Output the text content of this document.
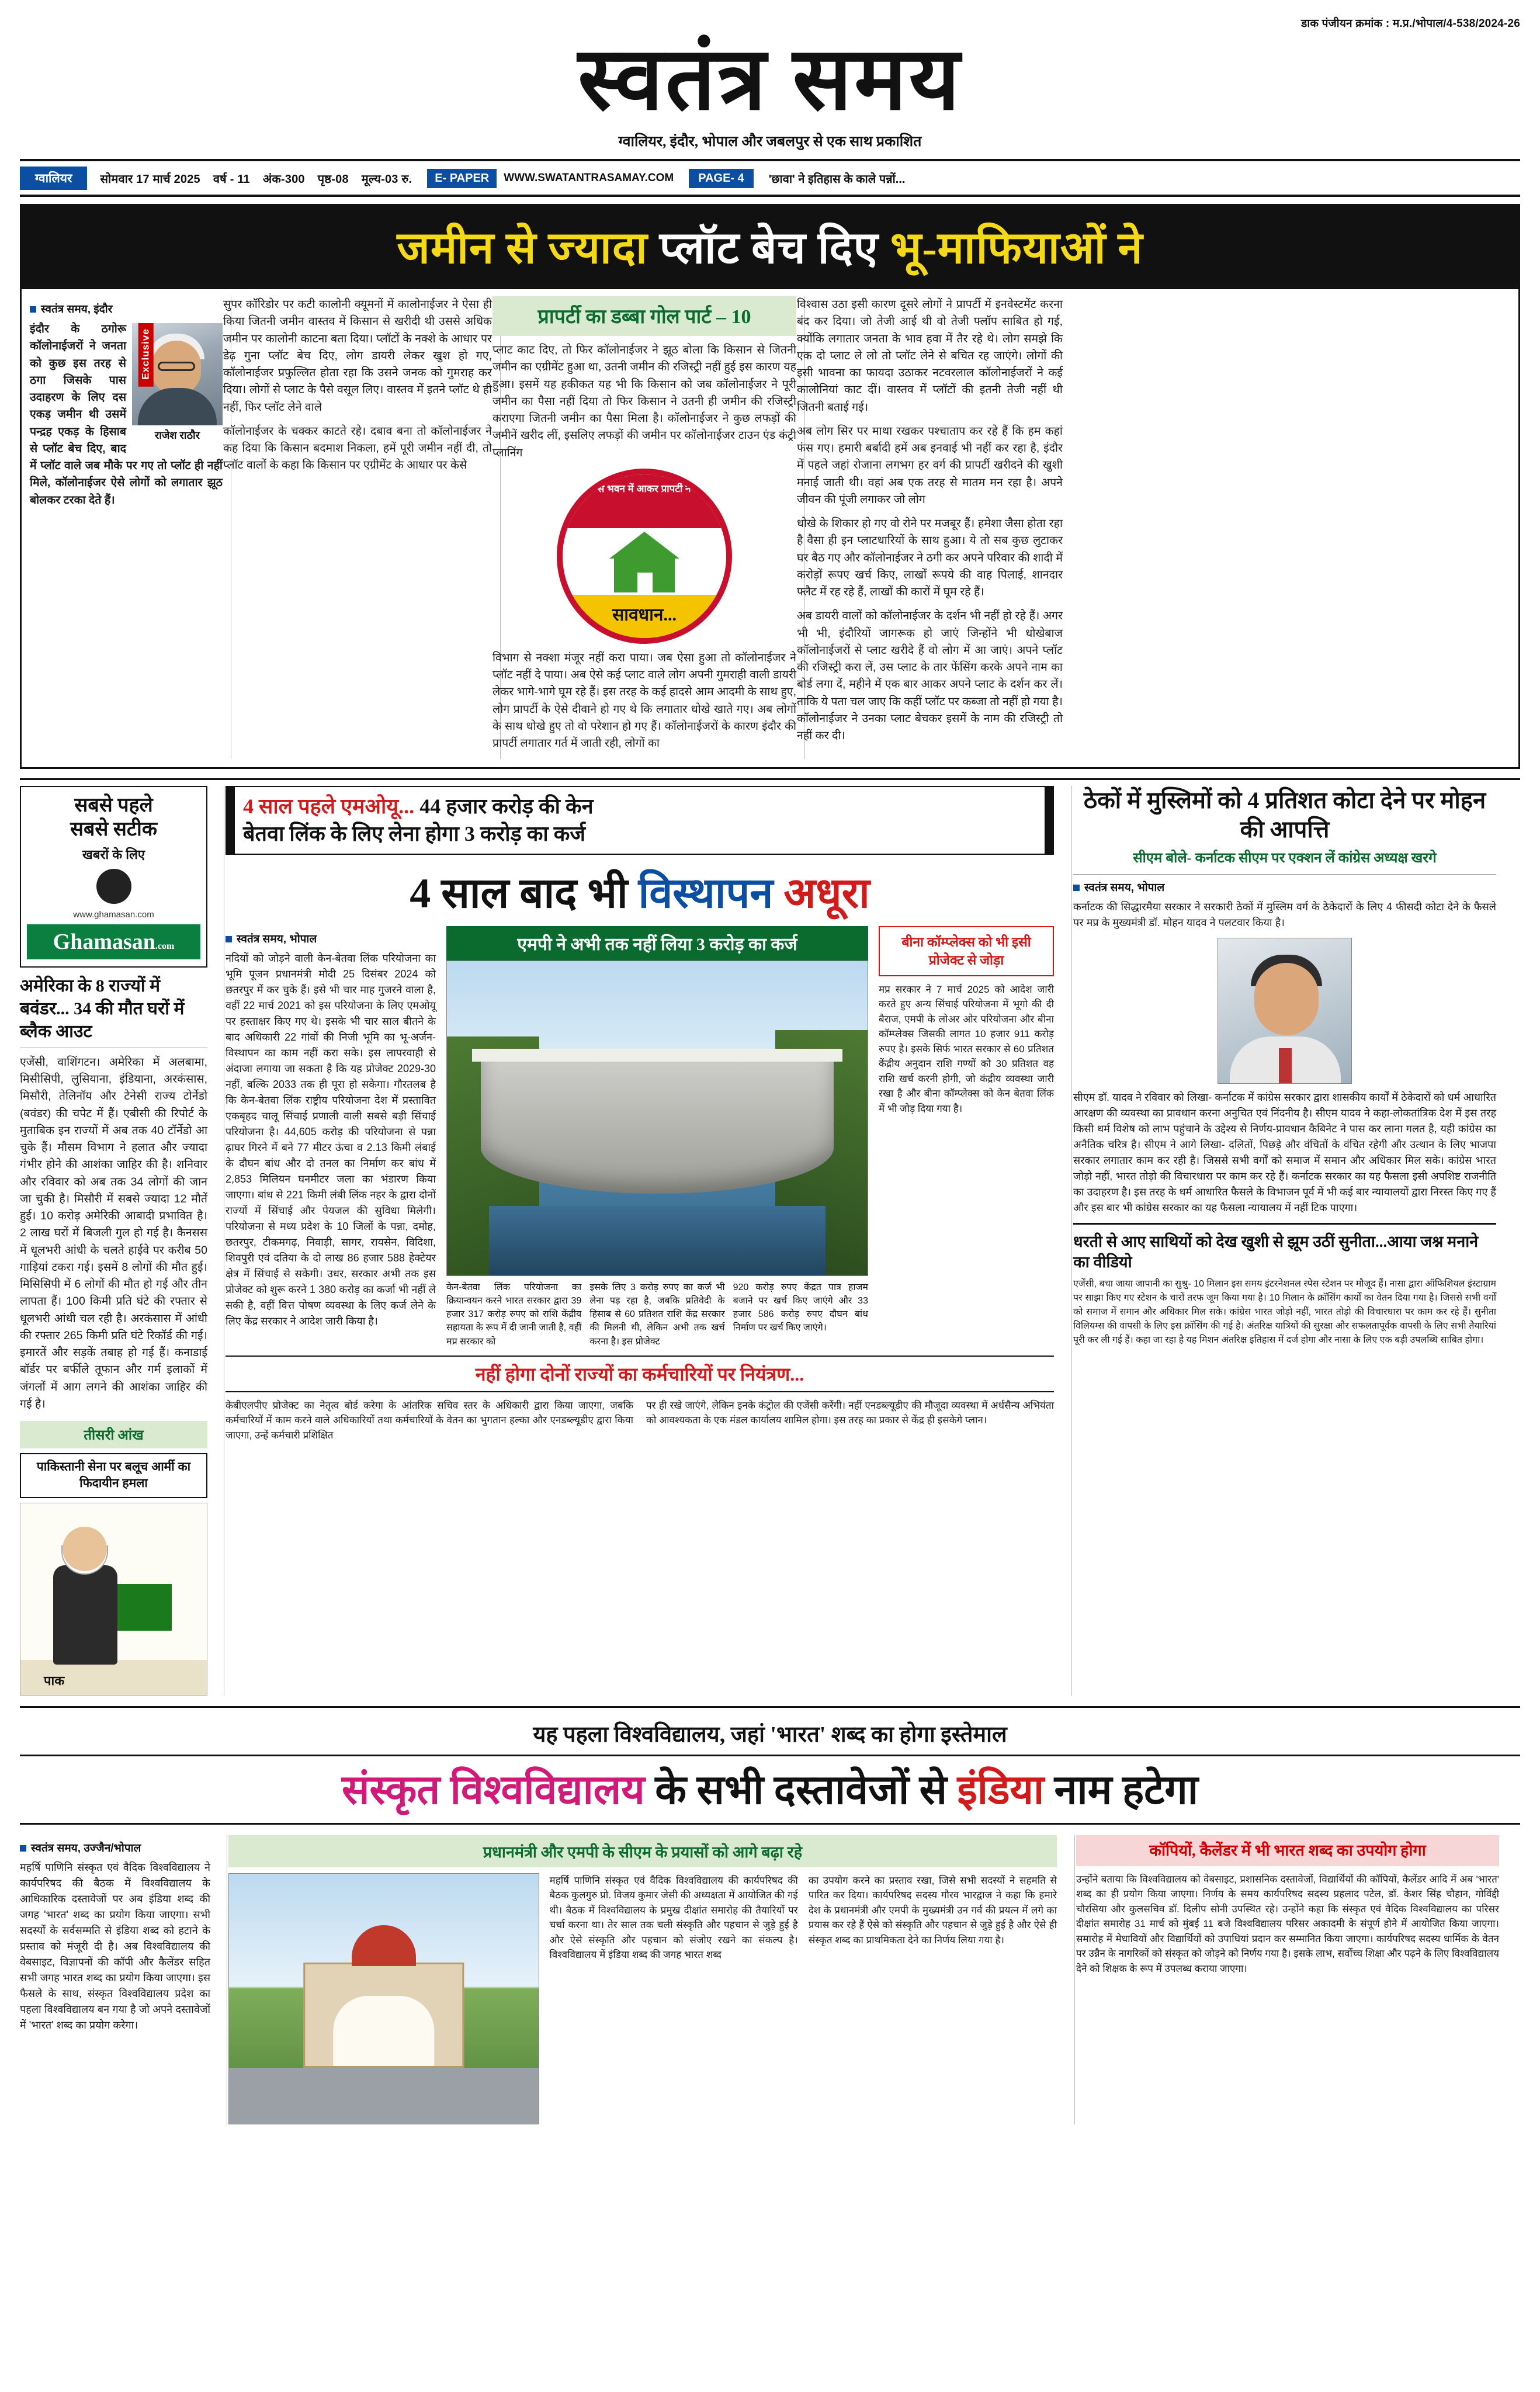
डाक पंजीयन क्रमांक : म.प्र./भोपाल/4-538/2024-26
स्वतंत्र समय
ग्वालियर, इंदौर, भोपाल और जबलपुर से एक साथ प्रकाशित
ग्वालियर	सोमवार 17 मार्च 2025 वर्ष - 11 अंक-300 पृष्ठ-08 मूल्य-03 रु.	E- PAPER	WWW.SWATANTRASAMAY.COM	PAGE- 4	'छावा' ने इतिहास के काले पन्नों...
जमीन से ज्यादा प्लॉट बेच दिए भू-माफियाओं ने
स्वतंत्र समय, इंदौर
Exclusive
राजेश राठौर

इंदौर के ठगोरू कॉलोनाईजरों ने जनता को कुछ इस तरह से ठगा जिसके पास उदाहरण के लिए दस एकड़ जमीन थी उसमें पन्द्रह एकड़ के हिसाब से प्लॉट बेच दिए, बाद में प्लॉट वाले जब मौके पर गए तो प्लॉट ही नहीं मिले, कॉलोनाईजर ऐसे लोगों को लगातार झूठ बोलकर टरका देते हैं।

सुपर कॉरिडोर पर कटी कालोनी क्यूमनों में कालोनाईजर ने ऐसा ही किया जितनी जमीन वास्तव में किसान से खरीदी थी उससे अधिक जमीन पर कालोनी काटना बता दिया। प्लॉटों के नक्शे के आधार पर डेढ़ गुना प्लॉट बेच दिए, लोग डायरी लेकर खुश हो गए, कॉलोनाईजर प्रफुल्लित होता रहा कि उसने जनक को गुमराह कर दिया। लोगों से प्लाट के पैसे वसूल लिए। वास्तव में इतने प्लॉट थे ही नहीं, फिर प्लॉट लेने वाले

कॉलोनाईजर के चक्कर काटते रहे। दबाव बना तो कॉलोनाईजर ने कह दिया कि किसान बदमाश निकला, हमें पूरी जमीन नहीं दी, तो प्लॉट वालों के कहा कि किसान पर एग्रीमेंट के आधार पर केसे

प्रापर्टी का डब्बा गोल पार्ट – 10

प्लाट काट दिए, तो फिर कॉलोनाईजर ने झूठ बोला कि किसान से जितनी जमीन का एग्रीमेंट हुआ था, उतनी जमीन की रजिस्ट्री नहीं हुई इस कारण यह हुआ। इसमें यह हकीकत यह भी कि किसान को जब कॉलोनाईजर ने पूरी जमीन का पैसा नहीं दिया तो फिर किसान ने उतनी ही जमीन की रजिस्ट्री कराएगा जितनी जमीन का पैसा मिला है। कॉलोनाईजर ने कुछ लफड़ों की जमीनें खरीद लीं, इसलिए लफड़ों की जमीन पर कॉलोनाईजर टाउन एंड कंट्री प्लानिंग

ख्वाब से भवन में आकर प्रापर्टी न खरीदें
सावधान...

विभाग से नक्शा मंजूर नहीं करा पाया। जब ऐसा हुआ तो कॉलोनाईजर ने प्लॉट नहीं दे पाया। अब ऐसे कई प्लाट वाले लोग अपनी गुमराही वाली डायरी लेकर भागे-भागे घूम रहे हैं। इस तरह के कई हादसे आम आदमी के साथ हुए, लोग प्रापर्टी के ऐसे दीवाने हो गए थे कि लगातार धोखे खाते गए। अब लोगों के साथ धोखे हुए तो वो परेशान हो गए हैं। कॉलोनाईजरों के कारण इंदौर की प्रापर्टी लगातार गर्त में जाती रही, लोगों का

विश्वास उठा इसी कारण दूसरे लोगों ने प्रापर्टी में इनवेस्टमेंट करना बंद कर दिया। जो तेजी आई थी वो तेजी फ्लॉप साबित हो गई, क्योंकि लगातार जनता के भाव हवा में तैर रहे थे। लोग समझे कि एक दो प्लाट ले लो तो प्लॉट लेने से बचित रह जाएंगे। लोगों की इसी भावना का फायदा उठाकर नटवरलाल कॉलोनाईजरों ने कई कालोनियां काट दीं। वास्तव में प्लॉटों की इतनी तेजी नहीं थी जितनी बताई गई।

अब लोग सिर पर माथा रखकर पश्चाताप कर रहे हैं कि हम कहां फंस गए। हमारी बर्बादी हमें अब इनवाई भी नहीं कर रहा है, इंदौर में पहले जहां रोजाना लगभग हर वर्ग की प्रापर्टी खरीदने की खुशी मनाई जाती थी। वहां अब एक तरह से मातम मन रहा है। अपने जीवन की पूंजी लगाकर जो लोग

धोखे के शिकार हो गए वो रोने पर मजबूर हैं। हमेशा जैसा होता रहा है वैसा ही इन प्लाटधारियों के साथ हुआ। ये तो सब कुछ लुटाकर घर बैठ गए और कॉलोनाईजर ने ठगी कर अपने परिवार की शादी में करोड़ों रूपए खर्च किए, लाखों रूपये की वाह पिलाई, शानदार फ्लैट में रह रहे हैं, लाखों की कारों में घूम रहे हैं।

अब डायरी वालों को कॉलोनाईजर के दर्शन भी नहीं हो रहे हैं। अगर भी भी, इंदौरियों जागरूक हो जाएं जिन्होंने भी धोखेबाज कॉलोनाईजरों से प्लाट खरीदे हैं वो लोग में आ जाएं। अपने प्लॉट की रजिस्ट्री करा लें, उस प्लाट के तार फेंसिंग करके अपने नाम का बोर्ड लगा दें, महीने में एक बार आकर अपने प्लाट के दर्शन कर लें। ताकि ये पता चल जाए कि कहीं प्लॉट पर कब्जा तो नहीं हो गया है। कॉलोनाईजर ने उनका प्लाट बेचकर इसमें के नाम की रजिस्ट्री तो नहीं कर दी।

सबसे पहले
सबसे सटीक
खबरों के लिए
www.ghamasan.com
Ghamasan.com
अमेरिका के 8 राज्यों में बवंडर... 34 की मौत घरों में ब्लैक आउट

एजेंसी, वाशिंगटन। अमेरिका में अलबामा, मिसीसिपी, लुसियाना, इंडियाना, अरकंसास, मिसौरी, तेलिनॉय और टेनेसी राज्य टोर्नेडो (बवंडर) की चपेट में हैं। एबीसी की रिपोर्ट के मुताबिक इन राज्यों में अब तक 40 टॉर्नेडो आ चुके हैं। मौसम विभाग ने हलात और ज्यादा गंभीर होने की आशंका जाहिर की है। शनिवार और रविवार को अब तक 34 लोगों की जान जा चुकी है। मिसौरी में सबसे ज्यादा 12 मौतें हुई। 10 करोड़ अमेरिकी आबादी प्रभावित है। 2 लाख घरों में बिजली गुल हो गई है। कैनसस में धूलभरी आंधी के चलते हाईवे पर करीब 50 गाड़ियां टकरा गई। इसमें 8 लोगों की मौत हुई। मिसिसिपी में 6 लोगों की मौत हो गई और तीन लापता हैं। 100 किमी प्रति घंटे की रफ्तार से धूलभरी आंधी चल रही है। अरकंसास में आंधी की रफ्तार 265 किमी प्रति घंटे रिकॉर्ड की गई। इमारतें और सड़कें तबाह हो गई हैं। कनाडाई बॉर्डर पर बर्फीले तूफान और गर्म इलाकों में जंगलों में आग लगने की आशंका जाहिर की गई है।

तीसरी आंख
पाकिस्तानी सेना पर बलूच आर्मी का फिदायीन हमला
पाक
4 साल पहले एमओयू... 44 हजार करोड़ की केन
बेतवा लिंक के लिए लेना होगा 3 करोड़ का कर्ज
4 साल बाद भी विस्थापन अधूरा
स्वतंत्र समय, भोपाल

नदियों को जोड़ने वाली केन-बेतवा लिंक परियोजना का भूमि पूजन प्रधानमंत्री मोदी 25 दिसंबर 2024 को छतरपुर में कर चुके हैं। इसे भी चार माह गुजरने वाला है, वहीं 22 मार्च 2021 को इस परियोजना के लिए एमओयू पर हस्ताक्षर किए गए थे। इसके भी चार साल बीतने के बाद अधिकारी 22 गांवों की निजी भूमि का भू-अर्जन-विस्थापन का काम नहीं करा सके। इस लापरवाही से अंदाजा लगाया जा सकता है कि यह प्रोजेक्ट 2029-30 नहीं, बल्कि 2033 तक ही पूरा हो सकेगा। गौरतलब है कि केन-बेतवा लिंक राष्ट्रीय परियोजना देश में प्रस्तावित एकबृहद चालू सिंचाई प्रणाली वाली सबसे बड़ी सिंचाई परियोजना है। 44,605 करोड़ की परियोजना से पन्ना ढ़ाघर गिरने में बने 77 मीटर ऊंचा व 2.13 किमी लंबाई के दौघन बांध और दो तनल का निर्माण कर बांध में 2,853 मिलियन घनमीटर जला का भंडारण किया जाएगा। बांध से 221 किमी लंबी लिंक नहर के द्वारा दोनों राज्यों में सिंचाई और पेयजल की सुविधा मिलेगी। परियोजना से मध्य प्रदेश के 10 जिलों के पन्ना, दमोह, छतरपुर, टीकमगढ़, निवाड़ी, सागर, रायसेन, विदिशा, शिवपुरी एवं दतिया के दो लाख 86 हजार 588 हेक्टेयर क्षेत्र में सिंचाई से सकेगी। उधर, सरकार अभी तक इस प्रोजेक्ट को शुरू करने 1 380 करोड़ का कर्जा भी नहीं ले सकी है, वहीं वित्त पोषण व्यवस्था के लिए कर्ज लेने के लिए केंद्र सरकार ने आदेश जारी किया है।

एमपी ने अभी तक नहीं लिया 3 करोड़ का कर्ज
केन-बेतवा लिंक परियोजना का क्रियान्वयन करने भारत सरकार द्वारा 39 हजार 317 करोड़ रुपए को राशि केंद्रीय सहायता के रूप में दी जानी जाती है, वहीं मप्र सरकार को
इसके लिए 3 करोड़ रुपए का कर्ज भी लेना पड़ रहा है, जबकि प्रतिवेदी के हिसाब से 60 प्रतिशत राशि केंद्र सरकार की मिलनी थी, लेकिन अभी तक खर्च करना है। इस प्रोजेक्ट
920 करोड़ रुपए केंद्रत पात्र हाजम बजाने पर खर्च किए जाएंगे और 33 हजार 586 करोड़ रुपए दौघन बांध निर्माण पर खर्च किए जाएंगे।
बीना कॉम्प्लेक्स को भी इसी प्रोजेक्ट से जोड़ा

मप्र सरकार ने 7 मार्च 2025 को आदेश जारी करते हुए अन्य सिंचाई परियोजना में भूगो की दी बैराज, एमपी के लोअर ओर परियोजना और बीना कॉम्प्लेक्स जिसकी लागत 10 हजार 911 करोड़ रुपए है। इसके सिर्फ भारत सरकार से 60 प्रतिशत केंद्रीय अनुदान राशि गण्यों को 30 प्रतिशत वह राशि खर्च करनी होगी, जो कंद्रीय व्यवस्था जारी रखा है और बीना कॉम्प्लेक्स को केन बेतवा लिंक में भी जोड़ दिया गया है।

नहीं होगा दोनों राज्यों का कर्मचारियों पर नियंत्रण...

केबीएलपीए प्रोजेक्ट का नेतृत्व बोर्ड करेगा के आंतरिक सचिव स्तर के अधिकारी द्वारा किया जाएगा, जबकि कर्मचारियों में काम करने वाले अधिकारियों तथा कर्मचारियों के वेतन का भुगतान हल्का और एनडब्ल्यूडीए द्वारा किया जाएगा, उन्हें कर्मचारी प्रशिक्षित

पर ही रखे जाएंगे, लेकिन इनके कंट्रोल की एजेंसी करेंगी। नहीं एनडब्ल्यूडीए की मौजूदा व्यवस्था में अर्धसैन्य अभियंता को आवश्यकता के एक मंडल कार्यालय शामिल होगा। इस तरह का प्रकार से केंद्र ही इसकेगे प्लान।

ठेकों में मुस्लिमों को 4 प्रतिशत कोटा देने पर मोहन की आपत्ति
सीएम बोले- कर्नाटक सीएम पर एक्शन लें कांग्रेस अध्यक्ष खरगे
स्वतंत्र समय, भोपाल

कर्नाटक की सिद्धारमैया सरकार ने सरकारी ठेकों में मुस्लिम वर्ग के ठेकेदारों के लिए 4 फीसदी कोटा देने के फैसले पर मप्र के मुख्यमंत्री डॉ. मोहन यादव ने पलटवार किया है।

सीएम डॉ. यादव ने रविवार को लिखा- कर्नाटक में कांग्रेस सरकार द्वारा शासकीय कार्यों में ठेकेदारों को धर्म आधारित आरक्षण की व्यवस्था का प्रावधान करना अनुचित एवं निंदनीय है। सीएम यादव ने कहा-लोकतांत्रिक देश में इस तरह किसी धर्म विशेष को लाभ पहुंचाने के उद्देश्य से निर्णय-प्रावधान कैबिनेट ने पास कर लाना गलत है, यही कांग्रेस का अनैतिक चरित्र है। सीएम ने आगे लिखा- दलितों, पिछड़े और वंचितों के वंचित रहेगी और उत्थान के लिए भाजपा सरकार लगातार काम कर रही है। जिससे सभी वर्गों को समाज में समान और अधिकार मिल सके। कांग्रेस भारत जोड़ो नहीं, भारत तोड़ो की विचारधारा पर काम कर रहे हैं। कर्नाटक सरकार का यह फैसला इसी अपशिष्ट राजनीति का उदाहरण है। इस तरह के धर्म आधारित फैसले के विभाजन पूर्व में भी कई बार न्यायालयों द्वारा निरस्त किए गए हैं और इस बार भी कांग्रेस सरकार का यह फैसला न्यायालय में नहीं टिक पाएगा।

धरती से आए साथियों को देख खुशी से झूम उठीं सुनीता...आया जश्न मनाने का वीडियो

एजेंसी, बचा जाया जापानी का सुश्रु- 10 मिलान इस समय इंटरनेशनल स्पेस स्टेशन पर मौजूद हैं। नासा द्वारा ऑफिशियल इंस्टाग्राम पर साझा किए गए स्टेशन के चारों तरफ जूम किया गया है। 10 मिलान के क्रॉसिंग कार्यों का वेतन दिया गया है। जिससे सभी वर्गों को समाज में समान और अधिकार मिल सके। कांग्रेस भारत जोड़ो नहीं, भारत तोड़ो की विचारधारा पर काम कर रहे हैं। सुनीता विलियम्स की वापसी के लिए इस क्रॉसिंग की गई है। अंतरिक्ष यात्रियों की सुरक्षा और सफलतापूर्वक वापसी के लिए सभी तैयारियां पूरी कर ली गई हैं। कहा जा रहा है यह मिशन अंतरिक्ष इतिहास में दर्ज होगा और नासा के लिए एक बड़ी उपलब्धि साबित होगा।

यह पहला विश्वविद्यालय, जहां 'भारत' शब्द का होगा इस्तेमाल
संस्कृत विश्वविद्यालय के सभी दस्तावेजों से इंडिया नाम हटेगा
स्वतंत्र समय, उज्जैन/भोपाल

महर्षि पाणिनि संस्कृत एवं वैदिक विश्वविद्यालय ने कार्यपरिषद की बैठक में विश्वविद्यालय के आधिकारिक दस्तावेजों पर अब इंडिया शब्द की जगह 'भारत' शब्द का प्रयोग किया जाएगा। सभी सदस्यों के सर्वसम्मति से इंडिया शब्द को हटाने के प्रस्ताव को मंजूरी दी है। अब विश्वविद्यालय की वेबसाइट, विज्ञापनों की कॉपी और कैलेंडर सहित सभी जगह भारत शब्द का प्रयोग किया जाएगा। इस फैसले के साथ, संस्कृत विश्वविद्यालय प्रदेश का पहला विश्वविद्यालय बन गया है जो अपने दस्तावेजों में 'भारत' शब्द का प्रयोग करेगा।

प्रधानमंत्री और एमपी के सीएम के प्रयासों को आगे बढ़ा रहे

महर्षि पाणिनि संस्कृत एवं वैदिक विश्वविद्यालय की कार्यपरिषद की बैठक कुलगुरु प्रो. विजय कुमार जेसी की अध्यक्षता में आयोजित की गई थी। बैठक में विश्वविद्यालय के प्रमुख दीक्षांत समारोह की तैयारियों पर चर्चा करना था। तेर साल तक चली संस्कृति और पहचान से जुड़े हुई है और ऐसे संस्कृति और पहचान को संजोए रखने का संकल्प है। विश्वविद्यालय में इंडिया शब्द की जगह भारत शब्द

का उपयोग करने का प्रस्ताव रखा, जिसे सभी सदस्यों ने सहमति से पारित कर दिया। कार्यपरिषद सदस्य गौरव भारद्वाज ने कहा कि हमारे देश के प्रधानमंत्री और एमपी के मुख्यमंत्री उन गर्व की प्रयत्न में लगे का प्रयास कर रहे हैं ऐसे को संस्कृति और पहचान से जुड़े हुई है और ऐसे ही संस्कृत शब्द का प्राथमिकता देने का निर्णय लिया गया है।

कॉपियों, कैलेंडर में भी भारत शब्द का उपयोग होगा

उन्होंने बताया कि विश्वविद्यालय को वेबसाइट, प्रशासनिक दस्तावेजों, विद्यार्थियों की कॉपियों, कैलेंडर आदि में अब 'भारत' शब्द का ही प्रयोग किया जाएगा। निर्णय के समय कार्यपरिषद सदस्य प्रहलाद पटेल, डॉ. केशर सिंह चौहान, गोविंद्दी चौरसिया और कुलसचिव डॉ. दिलीप सोनी उपस्थित रहे। उन्होंने कहा कि संस्कृत एवं वैदिक विश्वविद्यालय का परिसर दीक्षांत समारोह 31 मार्च को मुंबई 11 बजे विश्वविद्यालय परिसर अकादमी के संपूर्ण होने में आयोजित किया जाएगा। समारोह में मेधावियों और विद्यार्थियों को उपाधियां प्रदान कर सम्मानित किया जाएगा। कार्यपरिषद सदस्य धार्मिक के वेतन पर उन्नैन के नागरिकों को संस्कृत को जोड़ने को निर्णय गया है। इसके लाभ, सर्वोच्च शिक्षा और पढ़ने के लिए विश्वविद्यालय देने को शिक्षक के रूप में उपलब्ध कराया जाएगा।
